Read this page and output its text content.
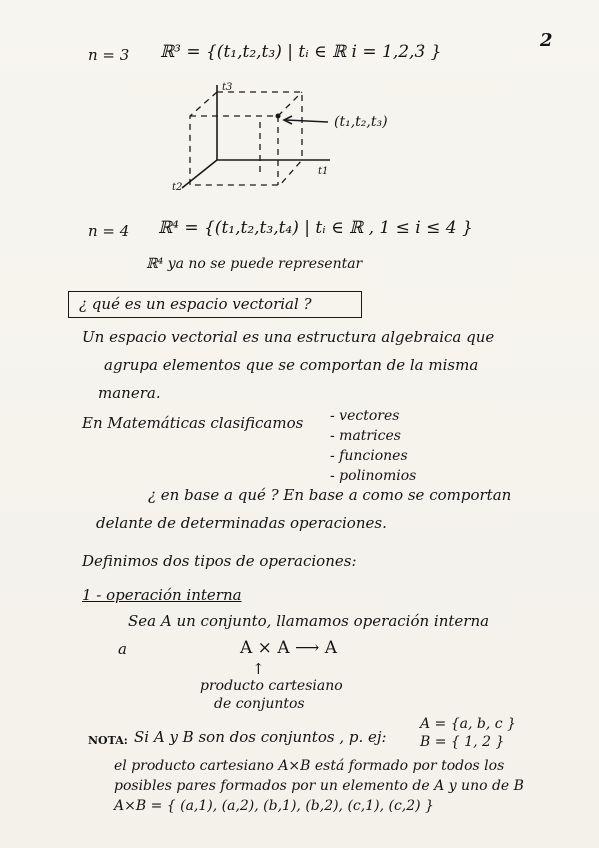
2
n = 3 ℝ³ = {(t₁,t₂,t₃) | tᵢ ∈ ℝ i = 1,2,3 }
t3
t1
t2
(t₁,t₂,t₃)
n = 4 ℝ⁴ = {(t₁,t₂,t₃,t₄) | tᵢ ∈ ℝ , 1 ≤ i ≤ 4 }
ℝ⁴ ya no se puede representar
¿ qué es un espacio vectorial ?
Un espacio vectorial es una estructura algebraica que
agrupa elementos que se comportan de la misma
manera.
En Matemáticas clasificamos - vectores
- matrices
- funciones
- polinomios
¿ en base a qué ? En base a como se comportan
delante de determinadas operaciones.
Definimos dos tipos de operaciones:
1 - operación interna
Sea A un conjunto, llamamos operación interna
a	A × A ⟶ A
↑
producto cartesiano
de conjuntos
NOTA: Si A y B son dos conjuntos , p. ej:
A = {a, b, c }
B = { 1, 2 }
el producto cartesiano A×B está formado por todos los
posibles pares formados por un elemento de A y uno de B
A×B = { (a,1), (a,2), (b,1), (b,2), (c,1), (c,2) }
